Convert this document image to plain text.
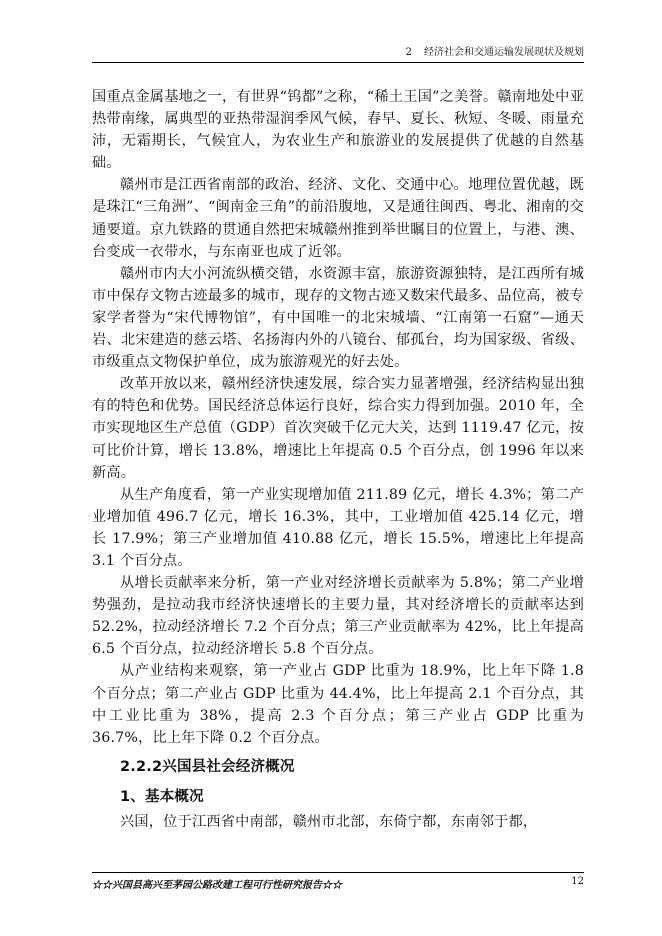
2 经济社会和交通运输发展现状及规划

国重点金属基地之一，有世界“钨都”之称，“稀土王国”之美誉。赣南地处中亚热带南缘，属典型的亚热带湿润季风气候，春早、夏长、秋短、冬暖、雨量充沛，无霜期长，气候宜人，为农业生产和旅游业的发展提供了优越的自然基础。

赣州市是江西省南部的政治、经济、文化、交通中心。地理位置优越，既是珠江“三角洲”、“闽南金三角”的前沿腹地，又是通往闽西、粤北、湘南的交通要道。京九铁路的贯通自然把宋城赣州推到举世瞩目的位置上，与港、澳、台变成一衣带水，与东南亚也成了近邻。

赣州市内大小河流纵横交错，水资源丰富，旅游资源独特，是江西所有城市中保存文物古迹最多的城市，现存的文物古迹又数宋代最多、品位高，被专家学者誉为“宋代博物馆”，有中国唯一的北宋城墙、“江南第一石窟”—通天岩、北宋建造的慈云塔、名扬海内外的八镜台、郁孤台，均为国家级、省级、市级重点文物保护单位，成为旅游观光的好去处。

改革开放以来，赣州经济快速发展，综合实力显著增强，经济结构显出独有的特色和优势。国民经济总体运行良好，综合实力得到加强。2010 年，全市实现地区生产总值（GDP）首次突破千亿元大关，达到 1119.47 亿元，按可比价计算，增长 13.8%，增速比上年提高 0.5 个百分点，创 1996 年以来新高。

从生产角度看，第一产业实现增加值 211.89 亿元，增长 4.3%；第二产业增加值 496.7 亿元，增长 16.3%，其中，工业增加值 425.14 亿元，增长 17.9%；第三产业增加值 410.88 亿元，增长 15.5%，增速比上年提高 3.1 个百分点。

从增长贡献率来分析，第一产业对经济增长贡献率为 5.8%；第二产业增势强劲，是拉动我市经济快速增长的主要力量，其对经济增长的贡献率达到 52.2%，拉动经济增长 7.2 个百分点；第三产业贡献率为 42%，比上年提高 6.5 个百分点，拉动经济增长 5.8 个百分点。

从产业结构来观察，第一产业占 GDP 比重为 18.9%，比上年下降 1.8 个百分点；第二产业占 GDP 比重为 44.4%，比上年提高 2.1 个百分点，其中工业比重为 38%，提高 2.3 个百分点；第三产业占 GDP 比重为 36.7%，比上年下降 0.2 个百分点。

2.2.2兴国县社会经济概况
1、基本概况

兴国，位于江西省中南部，赣州市北部，东倚宁都，东南邻于都，

☆☆兴国县高兴至茅园公路改建工程可行性研究报告☆☆	12
